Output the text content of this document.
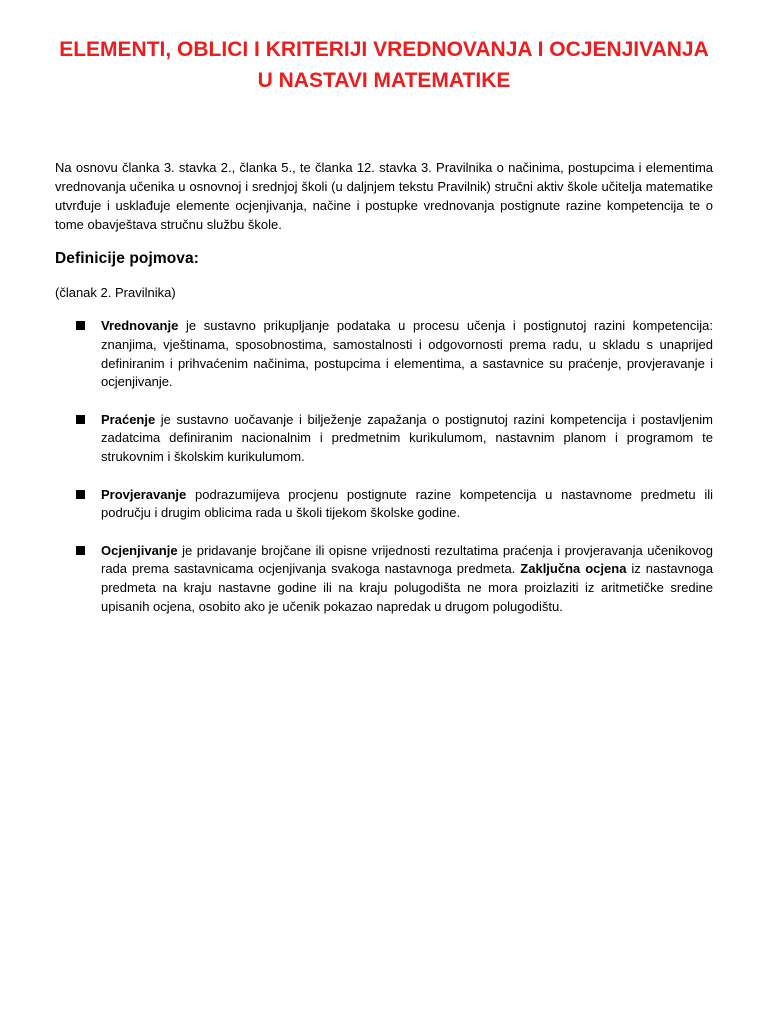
ELEMENTI, OBLICI I KRITERIJI VREDNOVANJA I OCJENJIVANJA
U NASTAVI MATEMATIKE

Na osnovu članka 3. stavka 2., članka 5., te članka 12. stavka 3. Pravilnika o načinima, postupcima i elementima vrednovanja učenika u osnovnoj i srednjoj školi (u daljnjem tekstu Pravilnik) stručni aktiv škole učitelja matematike utvrđuje i usklađuje elemente ocjenjivanja, načine i postupke vrednovanja postignute razine kompetencija te o tome obavještava stručnu službu škole.

Definicije pojmova:
(članak 2. Pravilnika)
Vrednovanje je sustavno prikupljanje podataka u procesu učenja i postignutoj razini kompetencija: znanjima, vještinama, sposobnostima, samostalnosti i odgovornosti prema radu, u skladu s unaprijed definiranim i prihvaćenim načinima, postupcima i elementima, a sastavnice su praćenje, provjeravanje i ocjenjivanje.
Praćenje je sustavno uočavanje i bilježenje zapažanja o postignutoj razini kompetencija i postavljenim zadatcima definiranim nacionalnim i predmetnim kurikulumom, nastavnim planom i programom te strukovnim i školskim kurikulumom.
Provjeravanje podrazumijeva procjenu postignute razine kompetencija u nastavnome predmetu ili području i drugim oblicima rada u školi tijekom školske godine.
Ocjenjivanje je pridavanje brojčane ili opisne vrijednosti rezultatima praćenja i provjeravanja učenikovog rada prema sastavnicama ocjenjivanja svakoga nastavnoga predmeta. Zaključna ocjena iz nastavnoga predmeta na kraju nastavne godine ili na kraju polugodišta ne mora proizlaziti iz aritmetičke sredine upisanih ocjena, osobito ako je učenik pokazao napredak u drugom polugodištu.
